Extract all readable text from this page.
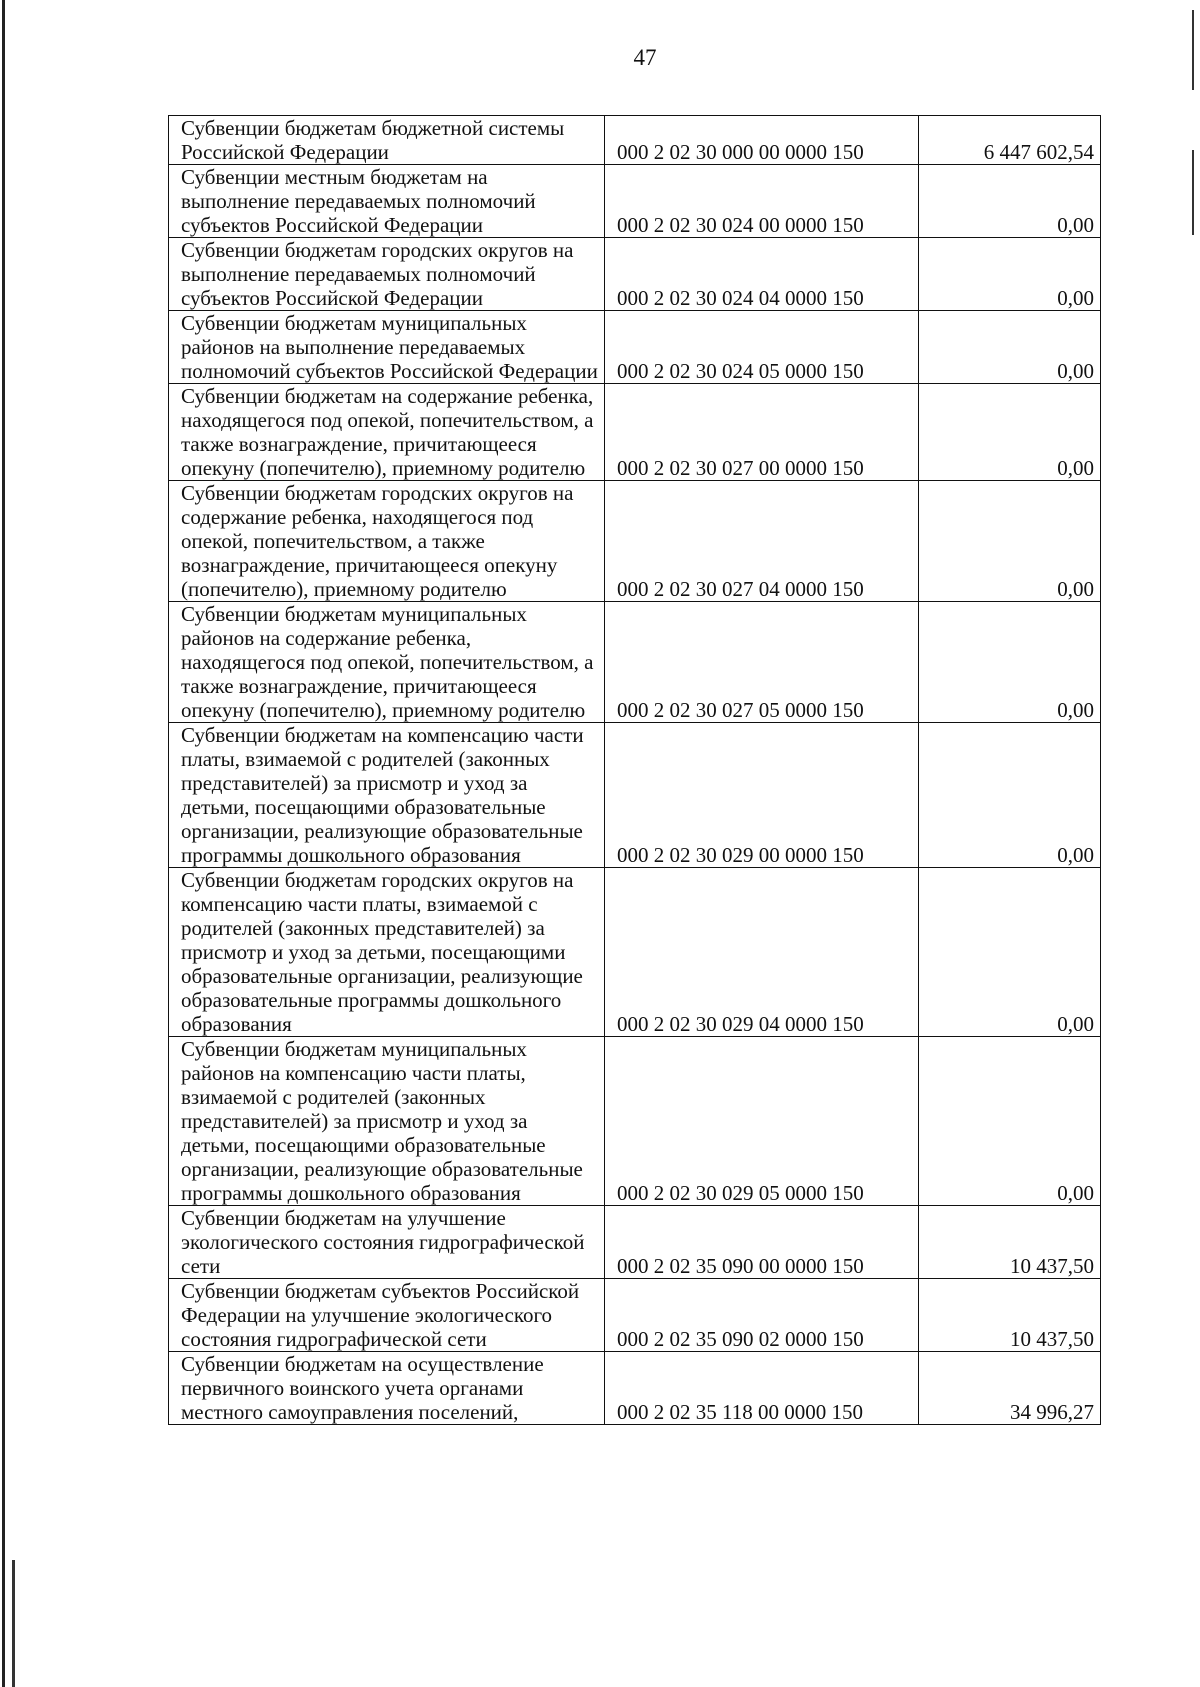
47
Субвенции бюджетам бюджетной системы Российской Федерации	000 2 02 30 000 00 0000 150	6 447 602,54
Субвенции местным бюджетам на выполнение передаваемых полномочий субъектов Российской Федерации	000 2 02 30 024 00 0000 150	0,00
Субвенции бюджетам городских округов на выполнение передаваемых полномочий субъектов Российской Федерации	000 2 02 30 024 04 0000 150	0,00
Субвенции бюджетам муниципальных районов на выполнение передаваемых полномочий субъектов Российской Федерации	000 2 02 30 024 05 0000 150	0,00
Субвенции бюджетам на содержание ребенка, находящегося под опекой, попечительством, а также вознаграждение, причитающееся опекуну (попечителю), приемному родителю	000 2 02 30 027 00 0000 150	0,00
Субвенции бюджетам городских округов на содержание ребенка, находящегося под опекой, попечительством, а также вознаграждение, причитающееся опекуну (попечителю), приемному родителю	000 2 02 30 027 04 0000 150	0,00
Субвенции бюджетам муниципальных районов на содержание ребенка, находящегося под опекой, попечительством, а также вознаграждение, причитающееся опекуну (попечителю), приемному родителю	000 2 02 30 027 05 0000 150	0,00
Субвенции бюджетам на компенсацию части платы, взимаемой с родителей (законных представителей) за присмотр и уход за детьми, посещающими образовательные организации, реализующие образовательные программы дошкольного образования	000 2 02 30 029 00 0000 150	0,00
Субвенции бюджетам городских округов на компенсацию части платы, взимаемой с родителей (законных представителей) за присмотр и уход за детьми, посещающими образовательные организации, реализующие образовательные программы дошкольного образования	000 2 02 30 029 04 0000 150	0,00
Субвенции бюджетам муниципальных районов на компенсацию части платы, взимаемой с родителей (законных представителей) за присмотр и уход за детьми, посещающими образовательные организации, реализующие образовательные программы дошкольного образования	000 2 02 30 029 05 0000 150	0,00
Субвенции бюджетам на улучшение экологического состояния гидрографической сети	000 2 02 35 090 00 0000 150	10 437,50
Субвенции бюджетам субъектов Российской Федерации на улучшение экологического состояния гидрографической сети	000 2 02 35 090 02 0000 150	10 437,50
Субвенции бюджетам на осуществление первичного воинского учета органами местного самоуправления поселений,	000 2 02 35 118 00 0000 150	34 996,27
